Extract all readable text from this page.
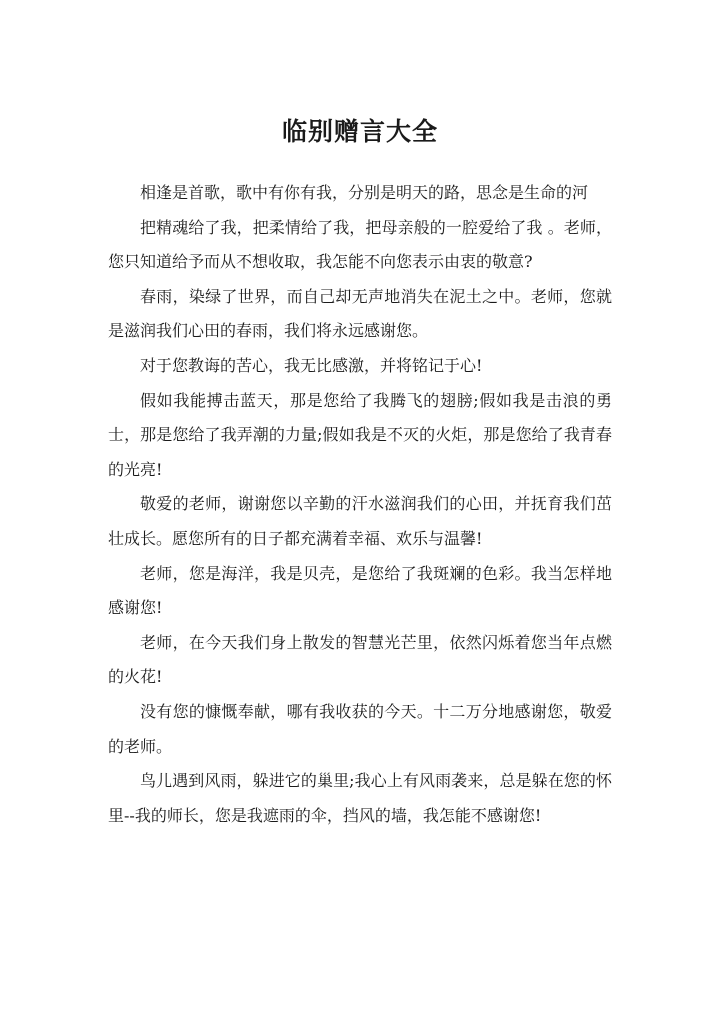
临别赠言大全

相逢是首歌，歌中有你有我，分别是明天的路，思念是生命的河

把精魂给了我，把柔情给了我，把母亲般的一腔爱给了我 。老师，您只知道给予而从不想收取，我怎能不向您表示由衷的敬意?

春雨，染绿了世界，而自己却无声地消失在泥土之中。老师，您就是滋润我们心田的春雨，我们将永远感谢您。

对于您教诲的苦心，我无比感激，并将铭记于心!

假如我能搏击蓝天，那是您给了我腾飞的翅膀;假如我是击浪的勇士，那是您给了我弄潮的力量;假如我是不灭的火炬，那是您给了我青春的光亮!

敬爱的老师，谢谢您以辛勤的汗水滋润我们的心田，并抚育我们茁壮成长。愿您所有的日子都充满着幸福、欢乐与温馨!

老师，您是海洋，我是贝壳，是您给了我斑斓的色彩。我当怎样地感谢您!

老师，在今天我们身上散发的智慧光芒里，依然闪烁着您当年点燃的火花!

没有您的慷慨奉献，哪有我收获的今天。十二万分地感谢您，敬爱的老师。

鸟儿遇到风雨，躲进它的巢里;我心上有风雨袭来，总是躲在您的怀里--我的师长，您是我遮雨的伞，挡风的墙，我怎能不感谢您!
